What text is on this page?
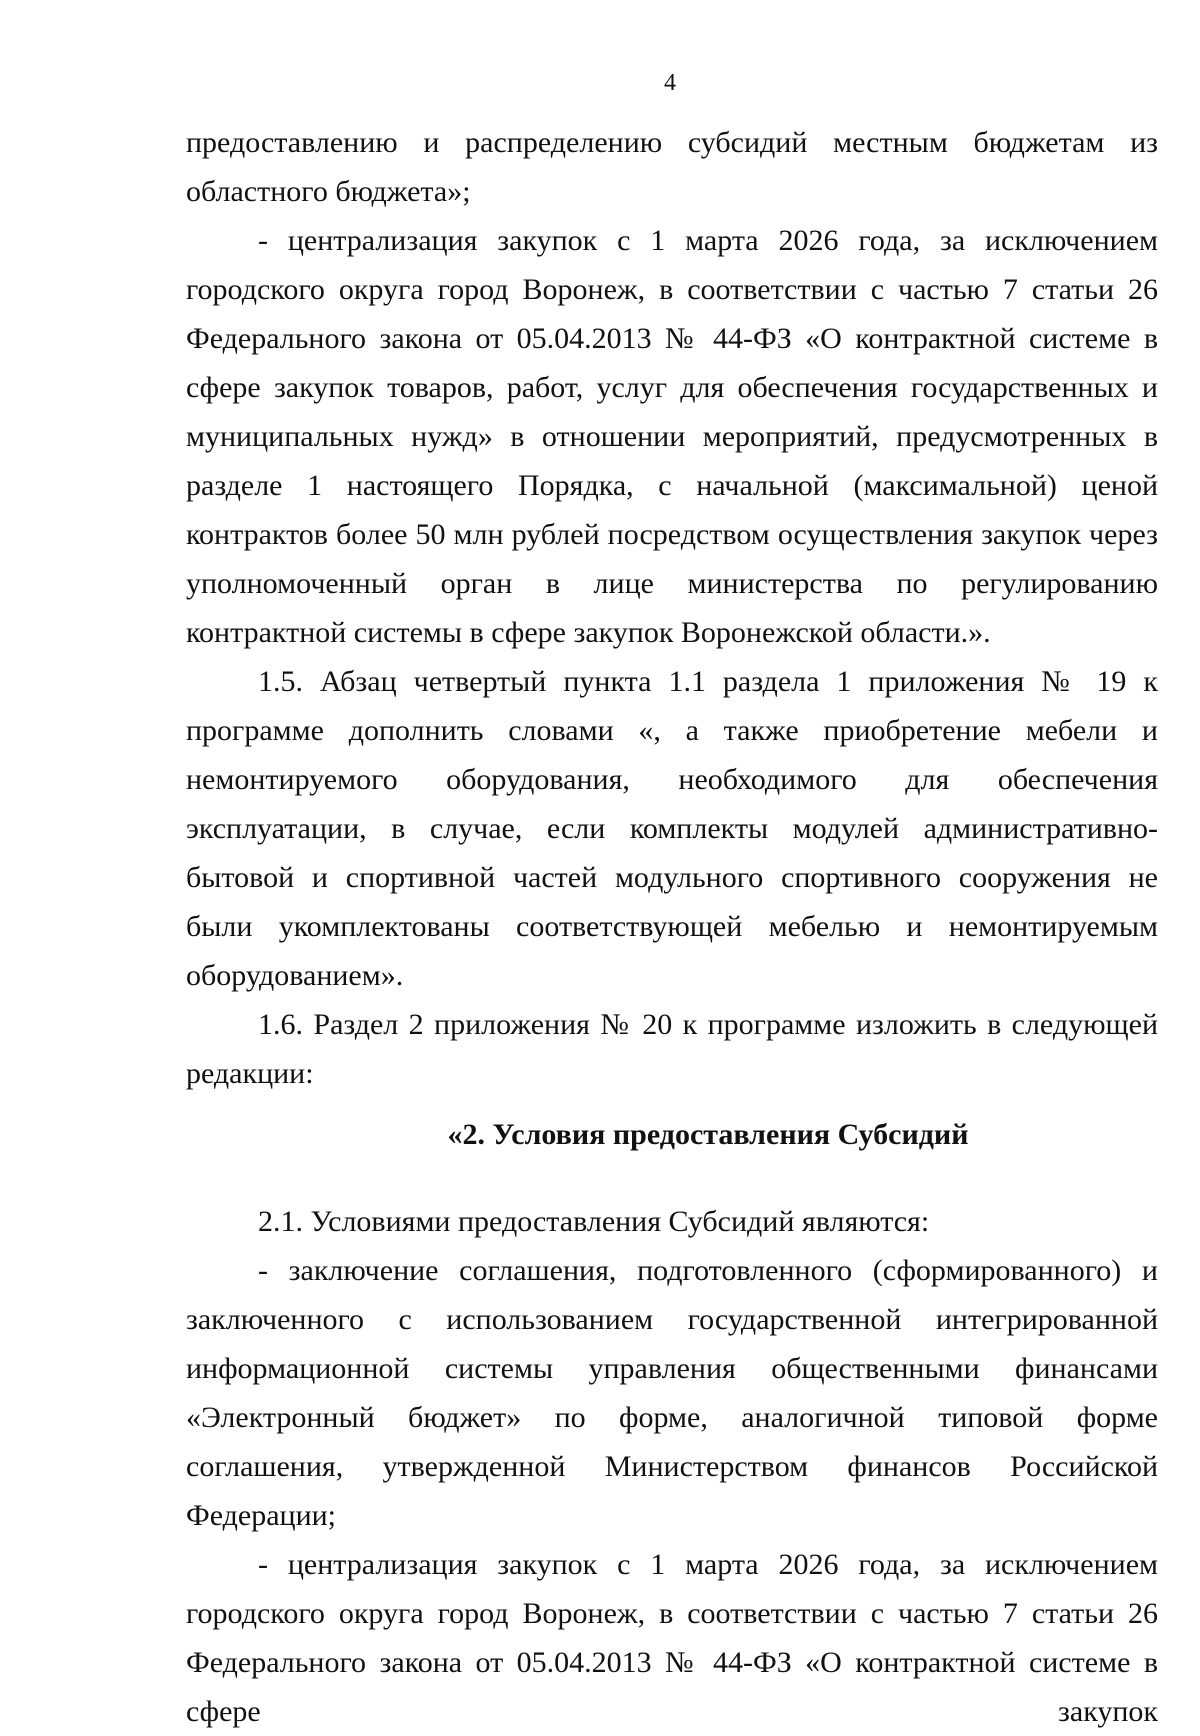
4

предоставлению и распределению субсидий местным бюджетам из областного бюджета»;

- централизация закупок с 1 марта 2026 года, за исключением городского округа город Воронеж, в соответствии с частью 7 статьи 26 Федерального закона от 05.04.2013 № 44-ФЗ «О контрактной системе в сфере закупок товаров, работ, услуг для обеспечения государственных и муниципальных нужд» в отношении мероприятий, предусмотренных в разделе 1 настоящего Порядка, с начальной (максимальной) ценой контрактов более 50 млн рублей посредством осуществления закупок через уполномоченный орган в лице министерства по регулированию контрактной системы в сфере закупок Воронежской области.».

1.5. Абзац четвертый пункта 1.1 раздела 1 приложения № 19 к программе дополнить словами «, а также приобретение мебели и немонтируемого оборудования, необходимого для обеспечения эксплуатации, в случае, если комплекты модулей административно-бытовой и спортивной частей модульного спортивного сооружения не были укомплектованы соответствующей мебелью и немонтируемым оборудованием».

1.6. Раздел 2 приложения № 20 к программе изложить в следующей редакции:

«2. Условия предоставления Субсидий

2.1. Условиями предоставления Субсидий являются:

- заключение соглашения, подготовленного (сформированного) и заключенного с использованием государственной интегрированной информационной системы управления общественными финансами «Электронный бюджет» по форме, аналогичной типовой форме соглашения, утвержденной Министерством финансов Российской Федерации;

- централизация закупок с 1 марта 2026 года, за исключением городского округа город Воронеж, в соответствии с частью 7 статьи 26 Федерального закона от 05.04.2013 № 44-ФЗ «О контрактной системе в сфере закупок
